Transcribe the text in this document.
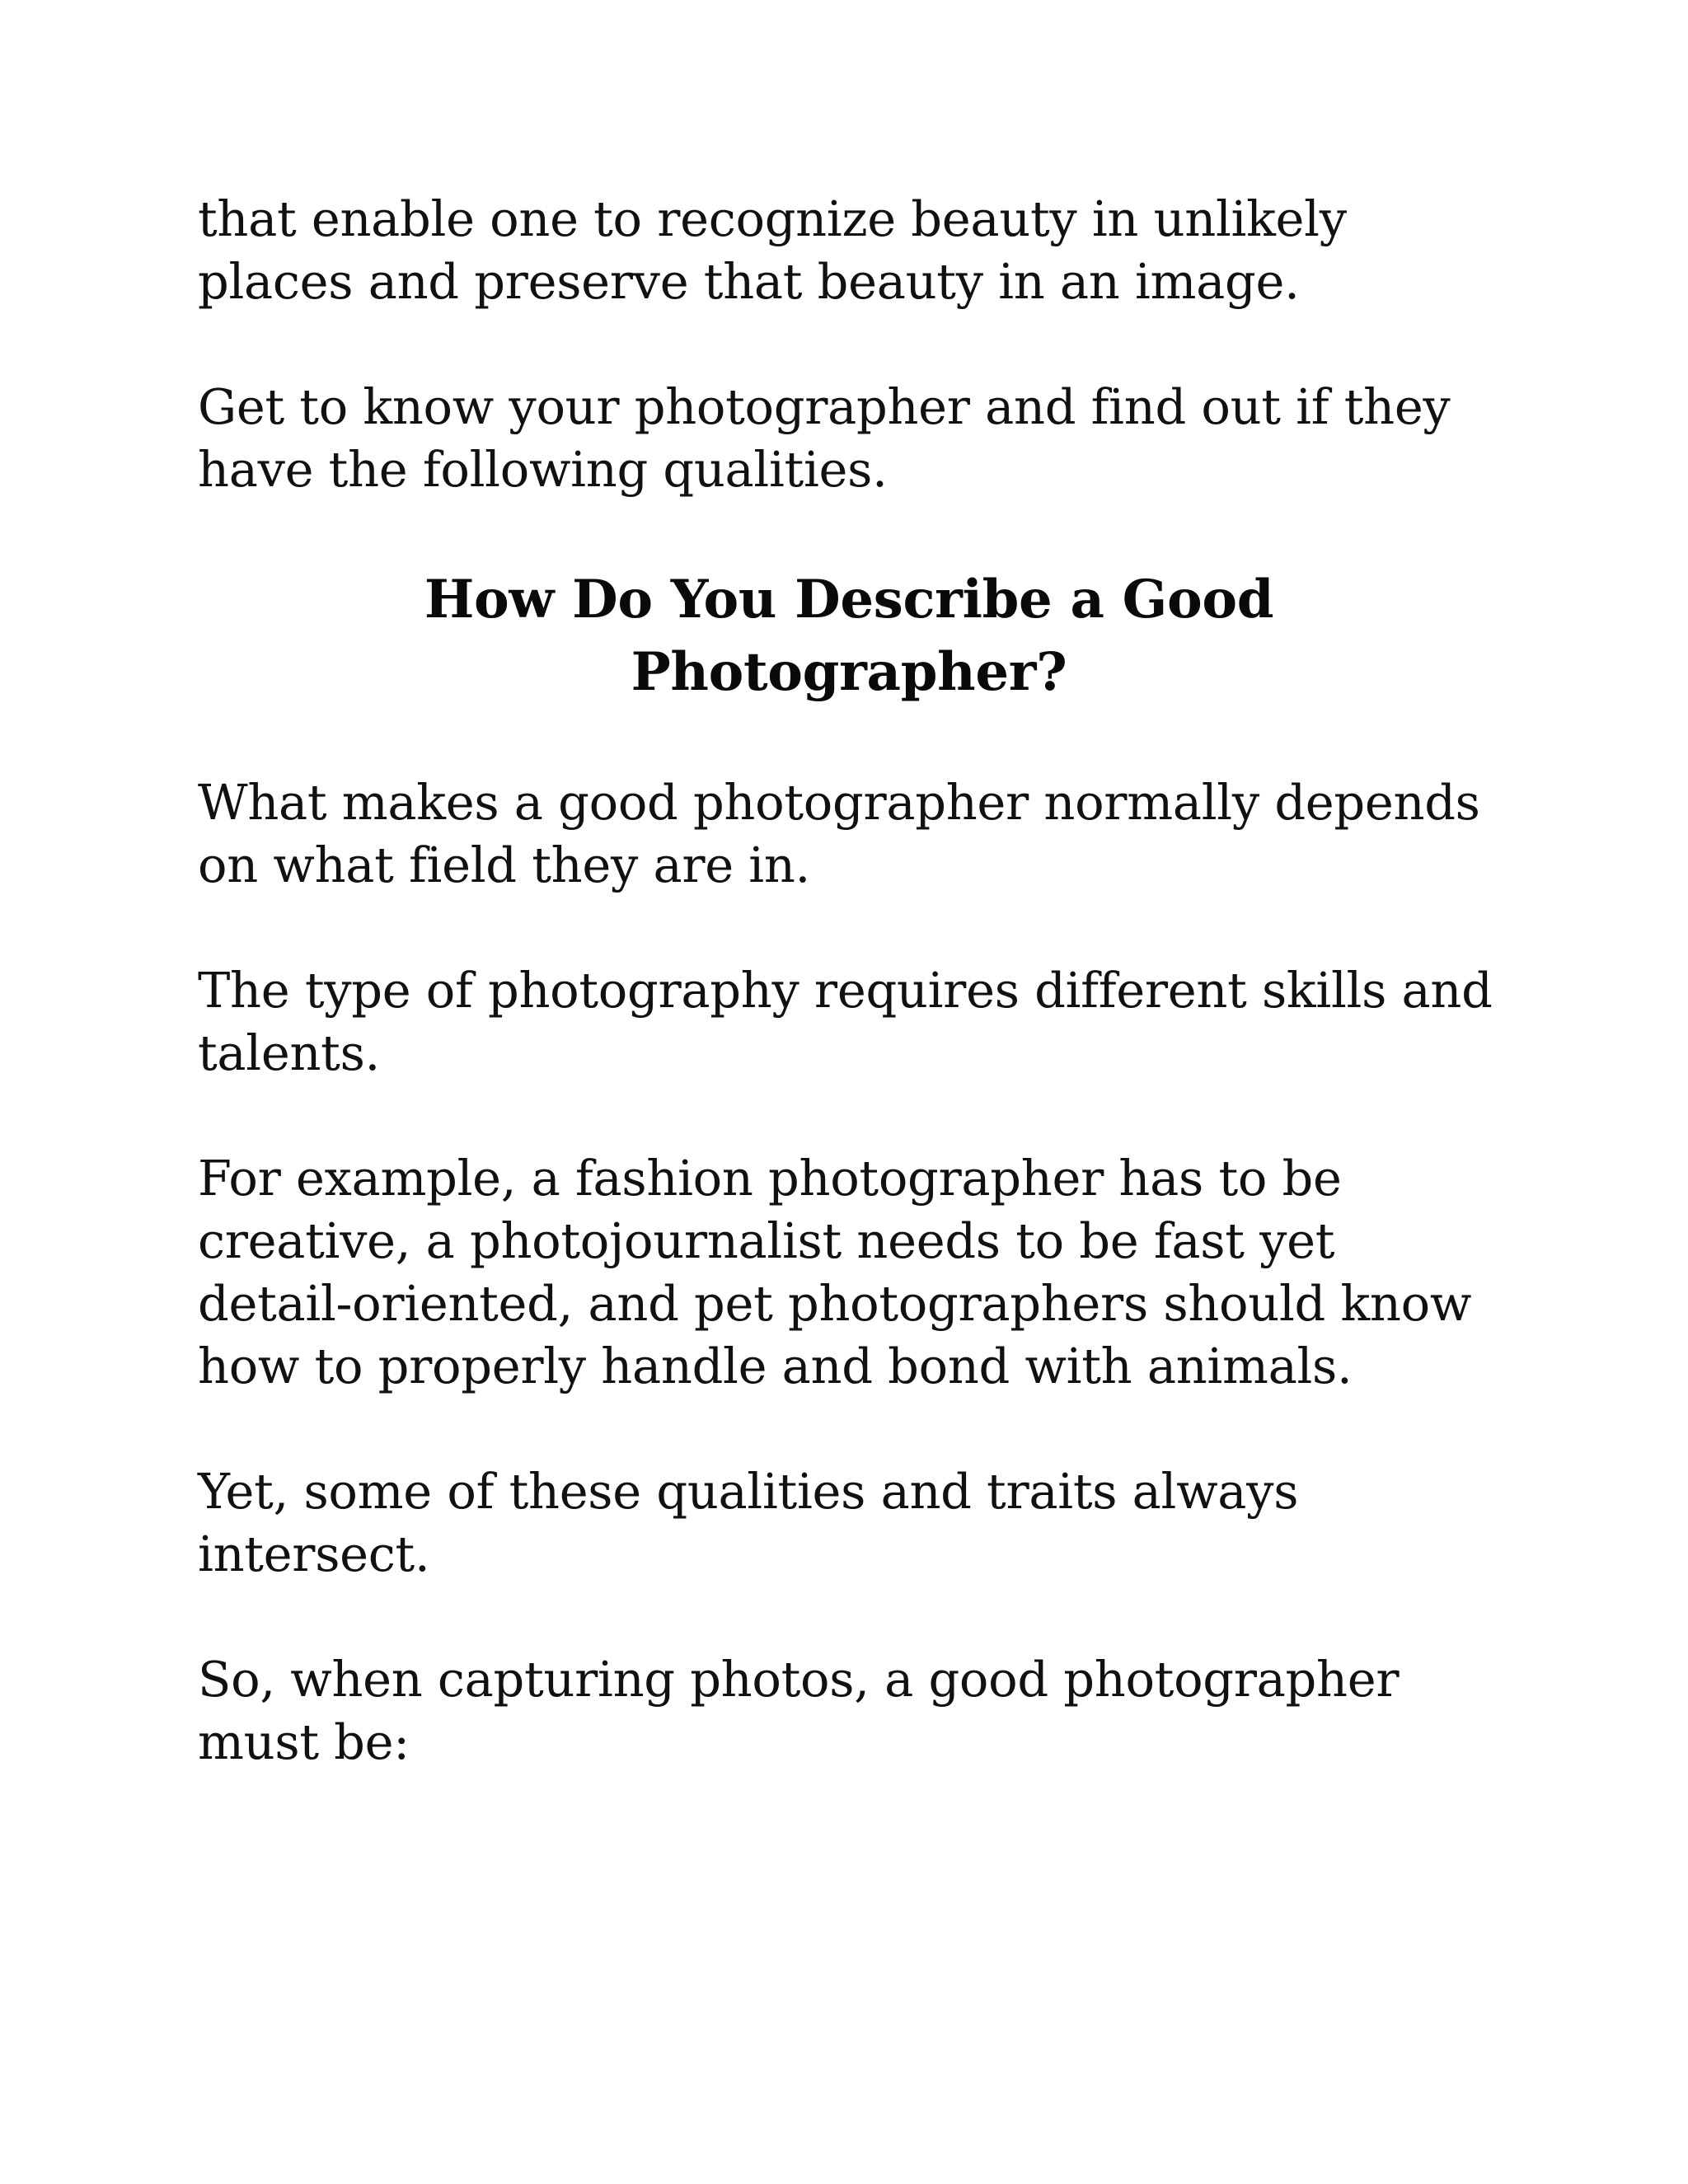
that enable one to recognize beauty in unlikely places and preserve that beauty in an image.

Get to know your photographer and find out if they have the following qualities.

How Do You Describe a Good
Photographer?

What makes a good photographer normally depends on what field they are in.

The type of photography requires different skills and talents.

For example, a fashion photographer has to be creative, a photojournalist needs to be fast yet detail-oriented, and pet photographers should know how to properly handle and bond with animals.

Yet, some of these qualities and traits always intersect.

So, when capturing photos, a good photographer must be:
